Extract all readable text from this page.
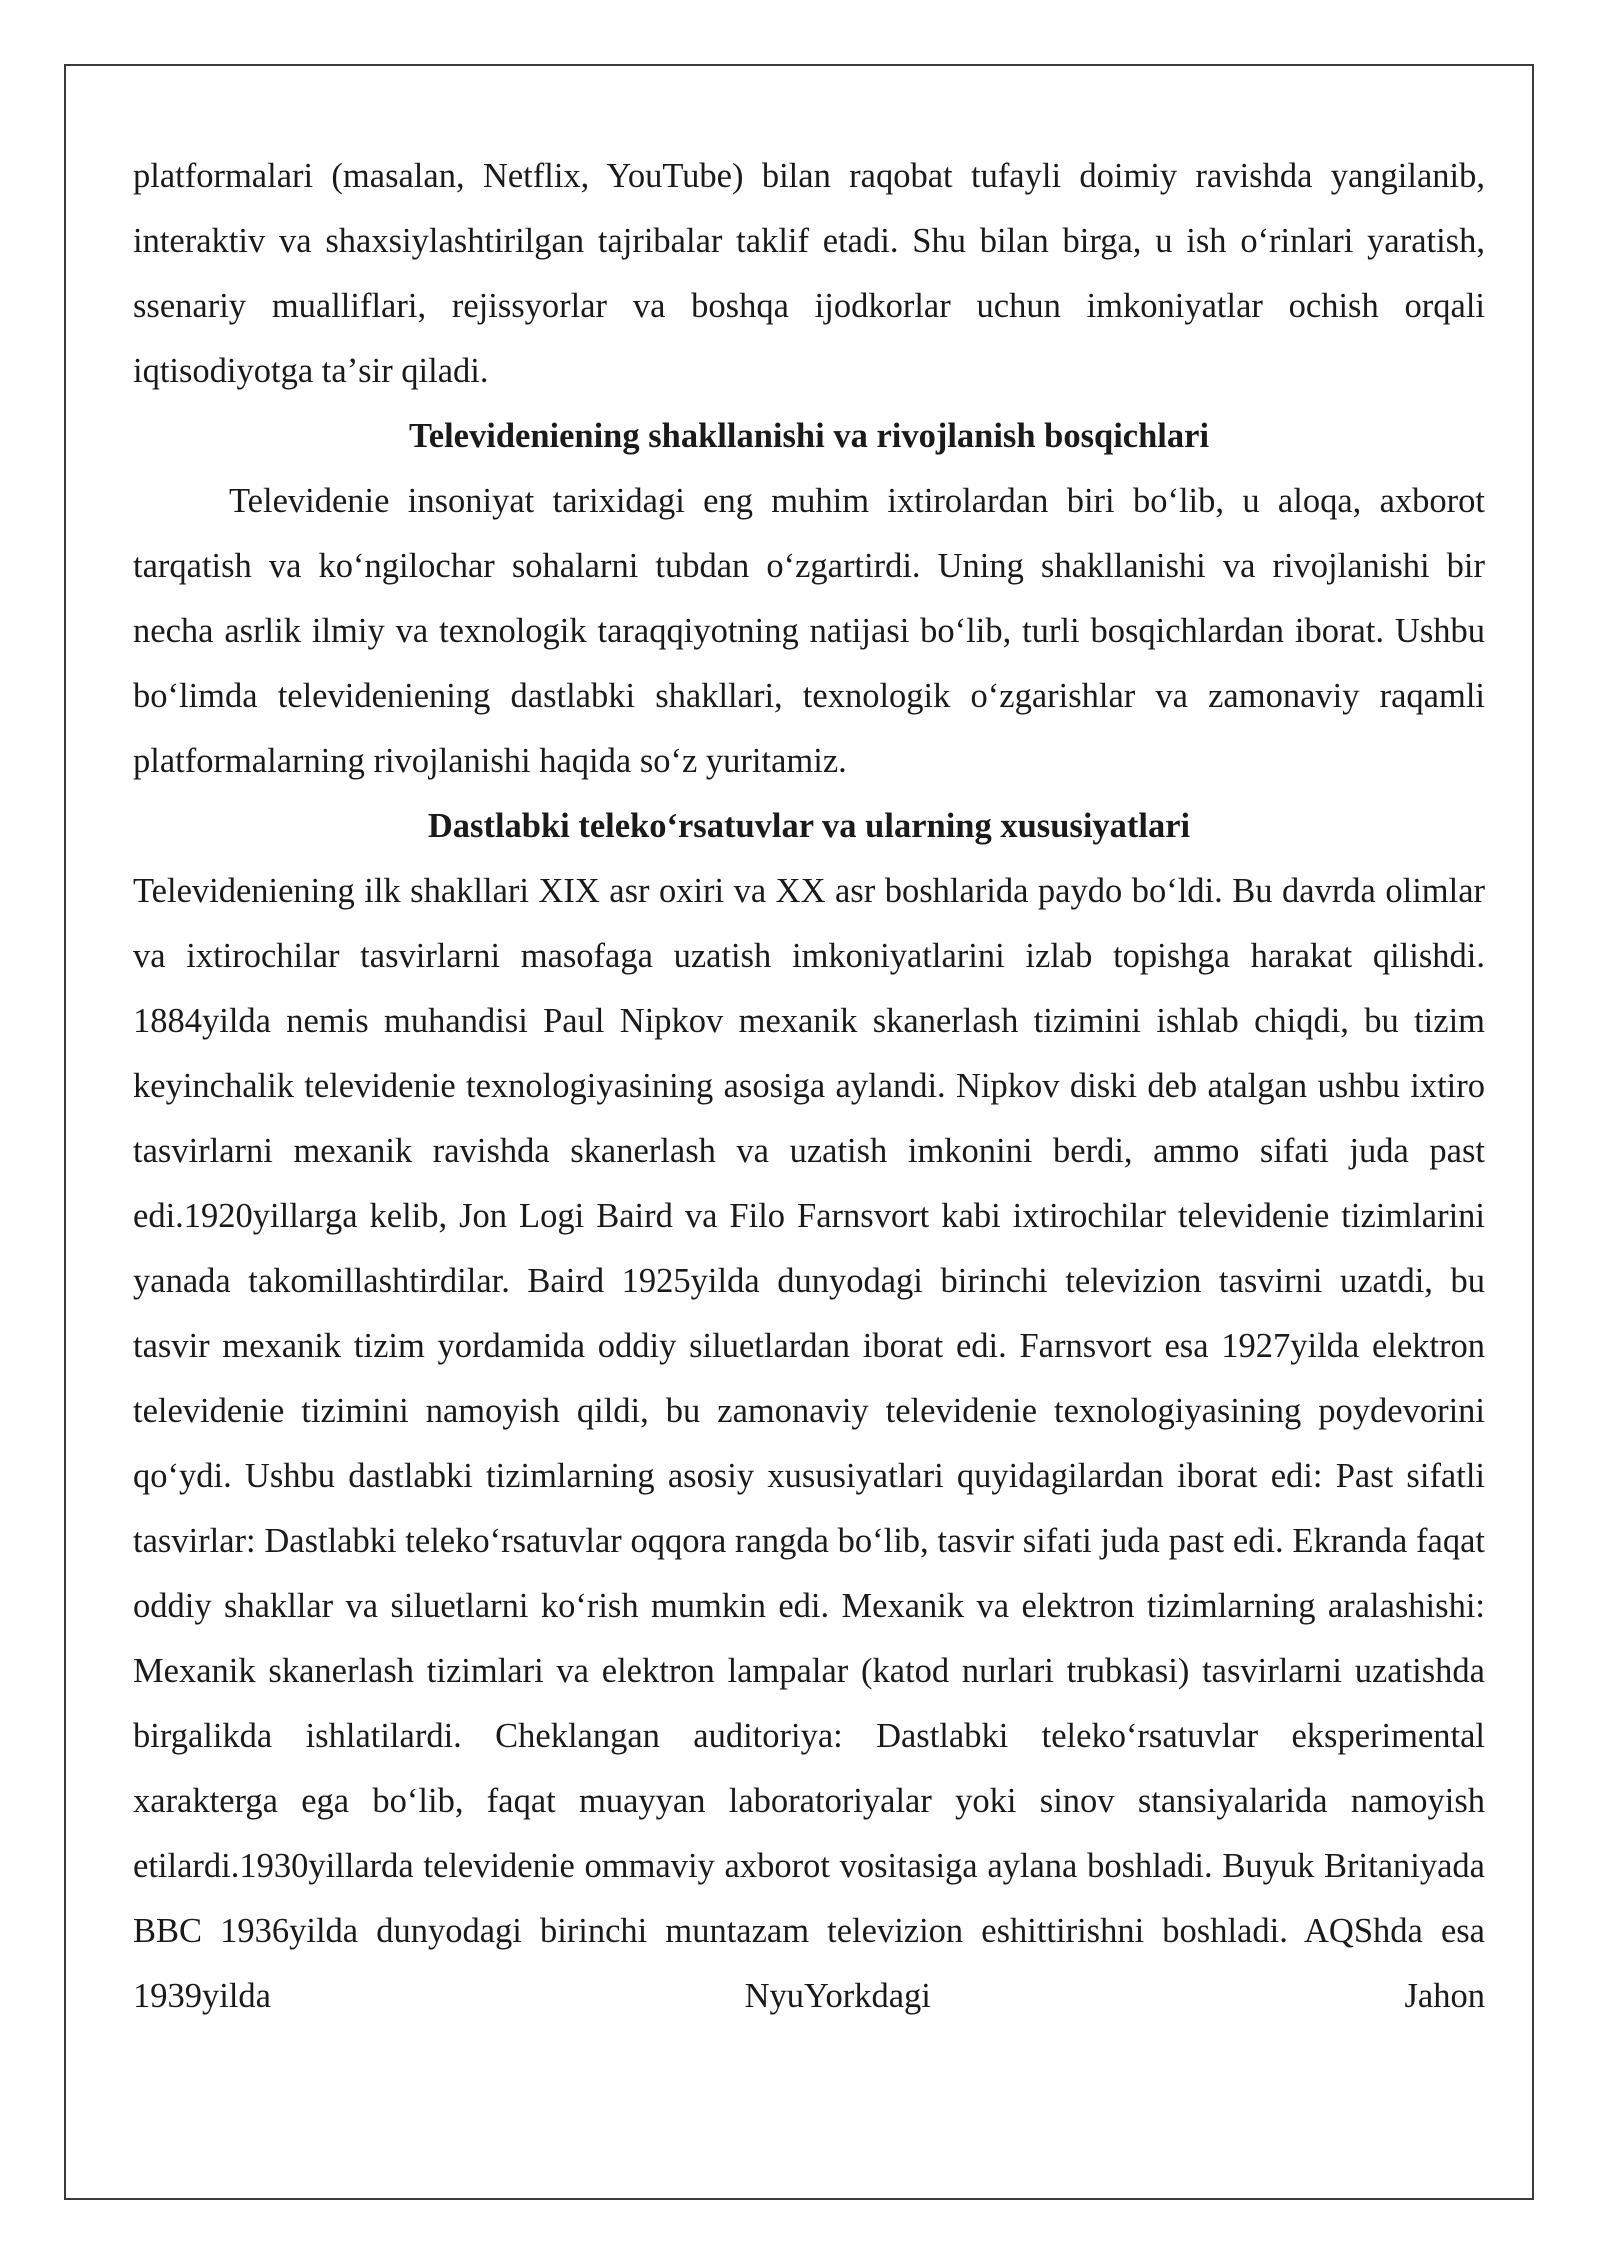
platformalari (masalan, Netflix, YouTube) bilan raqobat tufayli doimiy ravishda yangilanib, interaktiv va shaxsiylashtirilgan tajribalar taklif etadi. Shu bilan birga, u ish oʻrinlari yaratish, ssenariy mualliflari, rejissyorlar va boshqa ijodkorlar uchun imkoniyatlar ochish orqali iqtisodiyotga taʼsir qiladi.

Televideniening shakllanishi va rivojlanish bosqichlari

Televidenie insoniyat tarixidagi eng muhim ixtirolardan biri boʻlib, u aloqa, axborot tarqatish va koʻngilochar sohalarni tubdan oʻzgartirdi. Uning shakllanishi va rivojlanishi bir necha asrlik ilmiy va texnologik taraqqiyotning natijasi boʻlib, turli bosqichlardan iborat. Ushbu boʻlimda televideniening dastlabki shakllari, texnologik oʻzgarishlar va zamonaviy raqamli platformalarning rivojlanishi haqida soʻz yuritamiz.

Dastlabki telekoʻrsatuvlar va ularning xususiyatlari

Televideniening ilk shakllari XIX asr oxiri va XX asr boshlarida paydo boʻldi. Bu davrda olimlar va ixtirochilar tasvirlarni masofaga uzatish imkoniyatlarini izlab topishga harakat qilishdi. 1884yilda nemis muhandisi Paul Nipkov mexanik skanerlash tizimini ishlab chiqdi, bu tizim keyinchalik televidenie texnologiyasining asosiga aylandi. Nipkov diski deb atalgan ushbu ixtiro tasvirlarni mexanik ravishda skanerlash va uzatish imkonini berdi, ammo sifati juda past edi.1920yillarga kelib, Jon Logi Baird va Filo Farnsvort kabi ixtirochilar televidenie tizimlarini yanada takomillashtirdilar. Baird 1925yilda dunyodagi birinchi televizion tasvirni uzatdi, bu tasvir mexanik tizim yordamida oddiy siluetlardan iborat edi. Farnsvort esa 1927yilda elektron televidenie tizimini namoyish qildi, bu zamonaviy televidenie texnologiyasining poydevorini qoʻydi. Ushbu dastlabki tizimlarning asosiy xususiyatlari quyidagilardan iborat edi: Past sifatli tasvirlar: Dastlabki telekoʻrsatuvlar oqqora rangda boʻlib, tasvir sifati juda past edi. Ekranda faqat oddiy shakllar va siluetlarni koʻrish mumkin edi. Mexanik va elektron tizimlarning aralashishi: Mexanik skanerlash tizimlari va elektron lampalar (katod nurlari trubkasi) tasvirlarni uzatishda birgalikda ishlatilardi. Cheklangan auditoriya: Dastlabki telekoʻrsatuvlar eksperimental xarakterga ega boʻlib, faqat muayyan laboratoriyalar yoki sinov stansiyalarida namoyish etilardi.1930yillarda televidenie ommaviy axborot vositasiga aylana boshladi. Buyuk Britaniyada BBC 1936yilda dunyodagi birinchi muntazam televizion eshittirishni boshladi. AQShda esa 1939yilda NyuYorkdagi Jahon
